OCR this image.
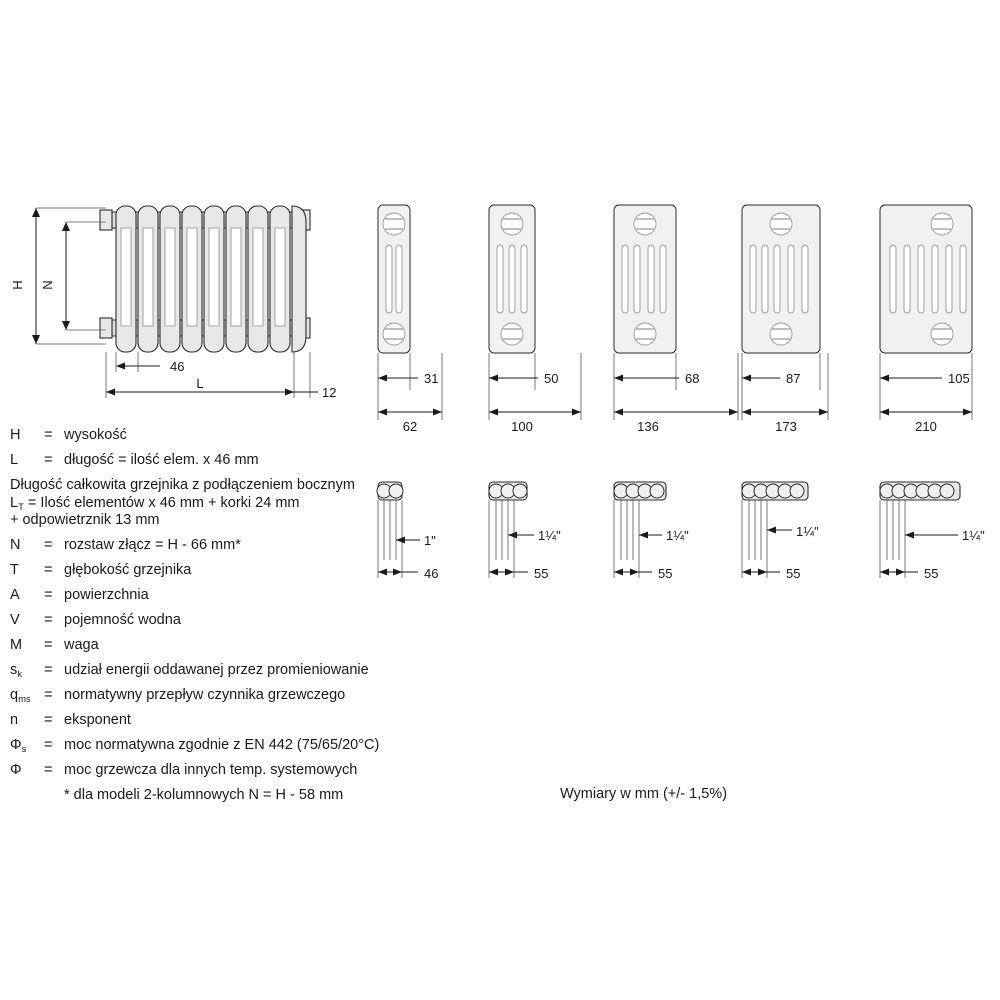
H N
46
L
12
31
62
50
100
68
136
87
173
105
210
1"
46
1¼"
55
1¼"
55
1¼"
55
1¼"
55
H	= wysokość
L	= długość = ilość elem. x 46 mm
Długość całkowita grzejnika z podłączeniem bocznym
$L_T$ = Ilość elementów x 46 mm + korki 24 mm
+ odpowietrznik 13 mm
N	= rozstaw złącz = H - 66 mm*
T	= głębokość grzejnika
A	= powierzchnia
V	= pojemność wodna
M	= waga
$s_k$	= udział energii oddawanej przez promieniowanie
$q_{ms}$ = normatywny przepływ czynnika grzewczego
n	= eksponent
$\Phi_s$	= moc normatywna zgodnie z EN 442 (75/65/20°C)
Φ	= moc grzewcza dla innych temp. systemowych
* dla modeli 2-kolumnowych N = H - 58 mm	Wymiary w mm (+/- 1,5%)
